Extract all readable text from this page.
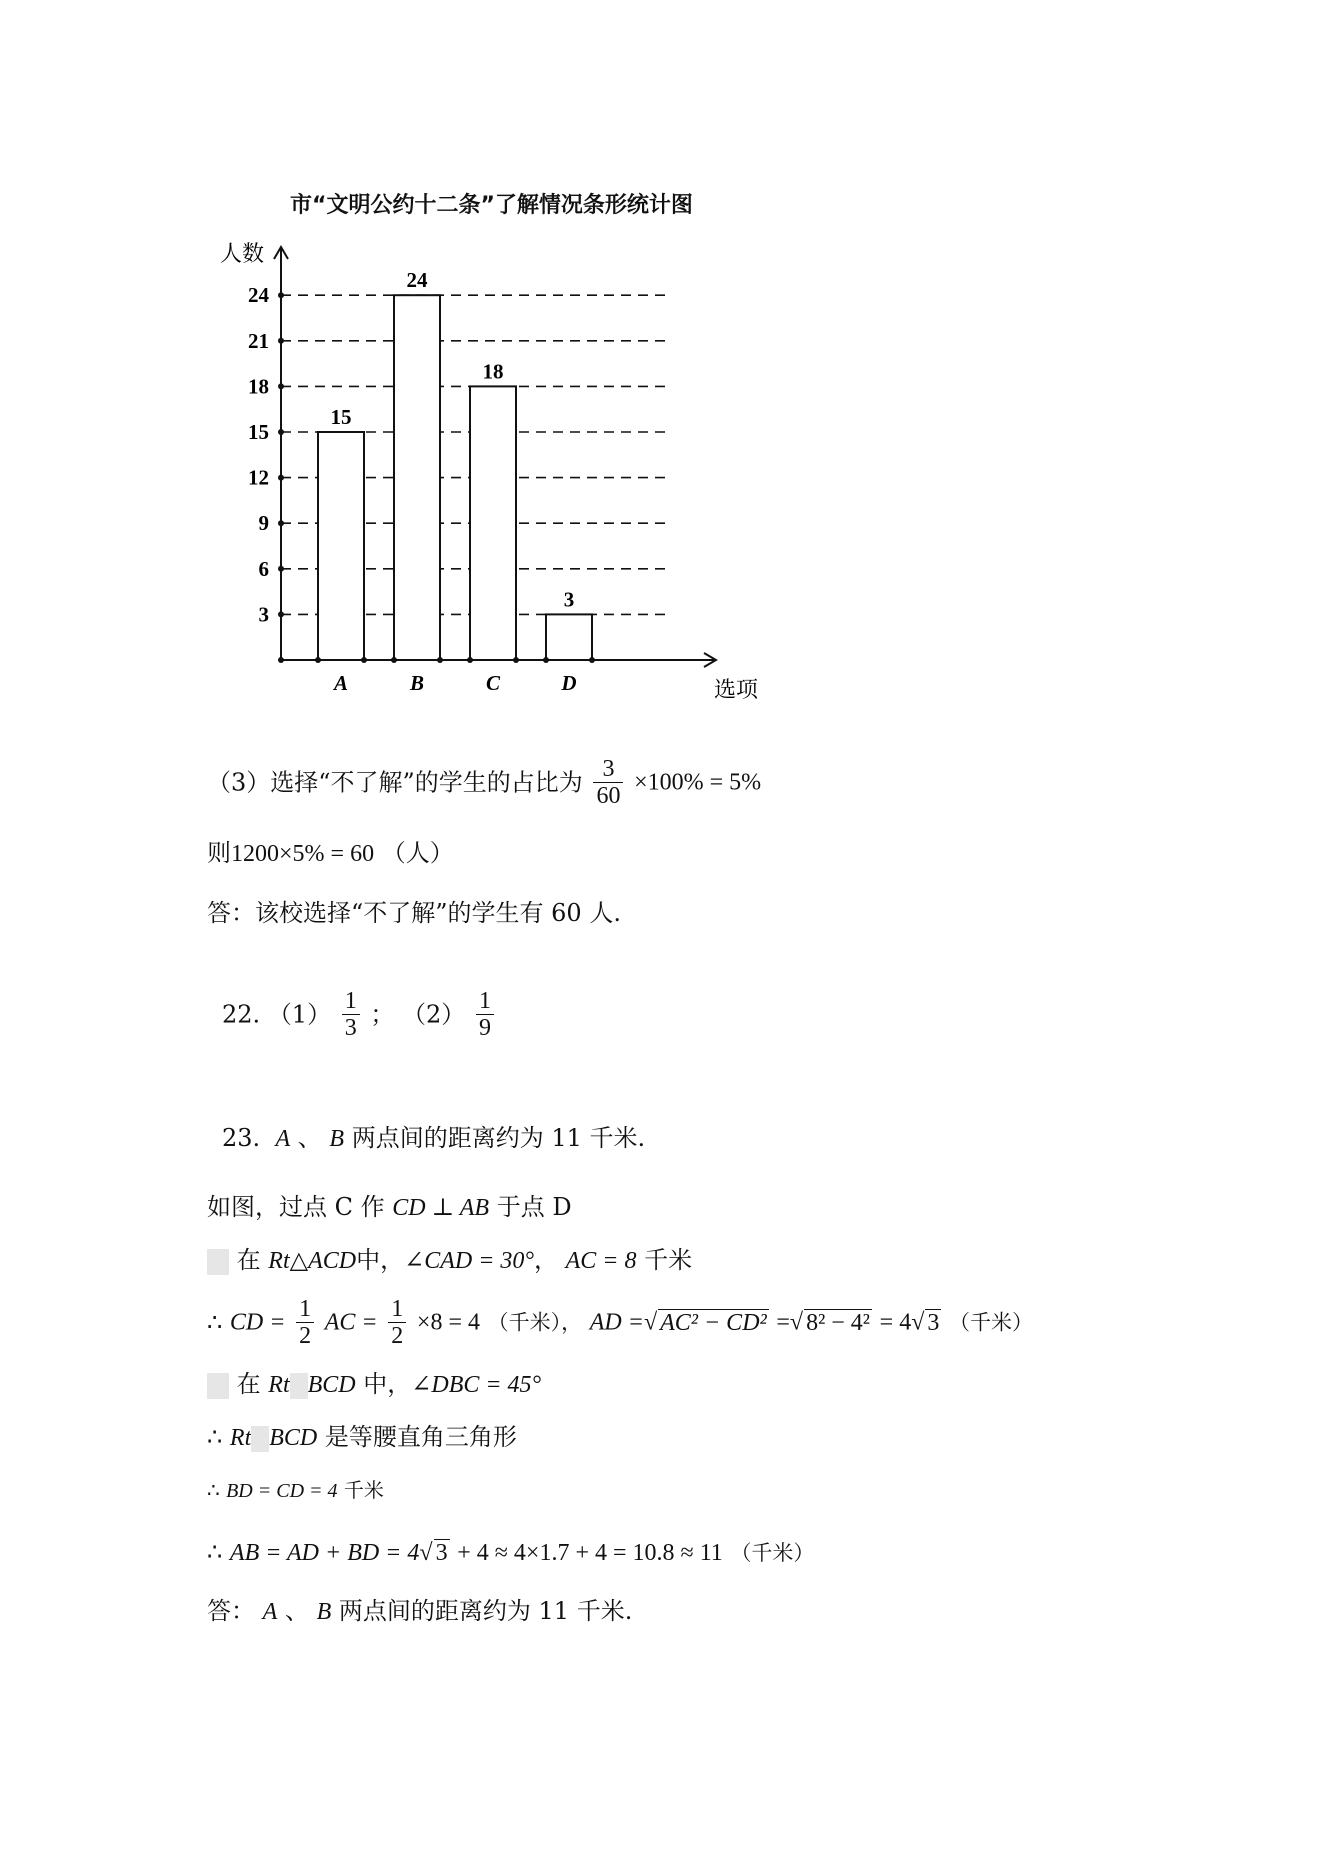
市“文明公约十二条”了解情况条形统计图
3
6
9
12
15
18
21
24
A	B	C	D
15
24
18
3
人数
选项
（3）选择“不了解”的学生的占比为 $\frac{3}{60} \times 100\% = 5\%$
则1200×5% = 60 （人）
答：该校选择“不了解”的学生有 60 人.
22. $(1) \frac{1}{3}$ ； $(2) \frac{1}{9}$
23. A 、 B 两点间的距离约为 11 千米.
如图，过点 C 作 CD ⊥ AB 于点 D
在 Rt△ACD中，∠CAD = 30°， AC = 8 千米
∴ CD = $\frac{1}{2}$ AC = $\frac{1}{2} \times 8 = 4$ （千米）， AD =√ AC² − CD² =√ 8² − 4² = 4√ 3 （千米）
在 Rt BCD 中，∠DBC = 45°
∴ Rt BCD 是等腰直角三角形
∴ BD = CD = 4 千米
∴ AB = AD + BD = 4√ 3 + 4 ≈ 4×1.7 + 4 = 10.8 ≈ 11 （千米）
答： A 、 B 两点间的距离约为 11 千米.
